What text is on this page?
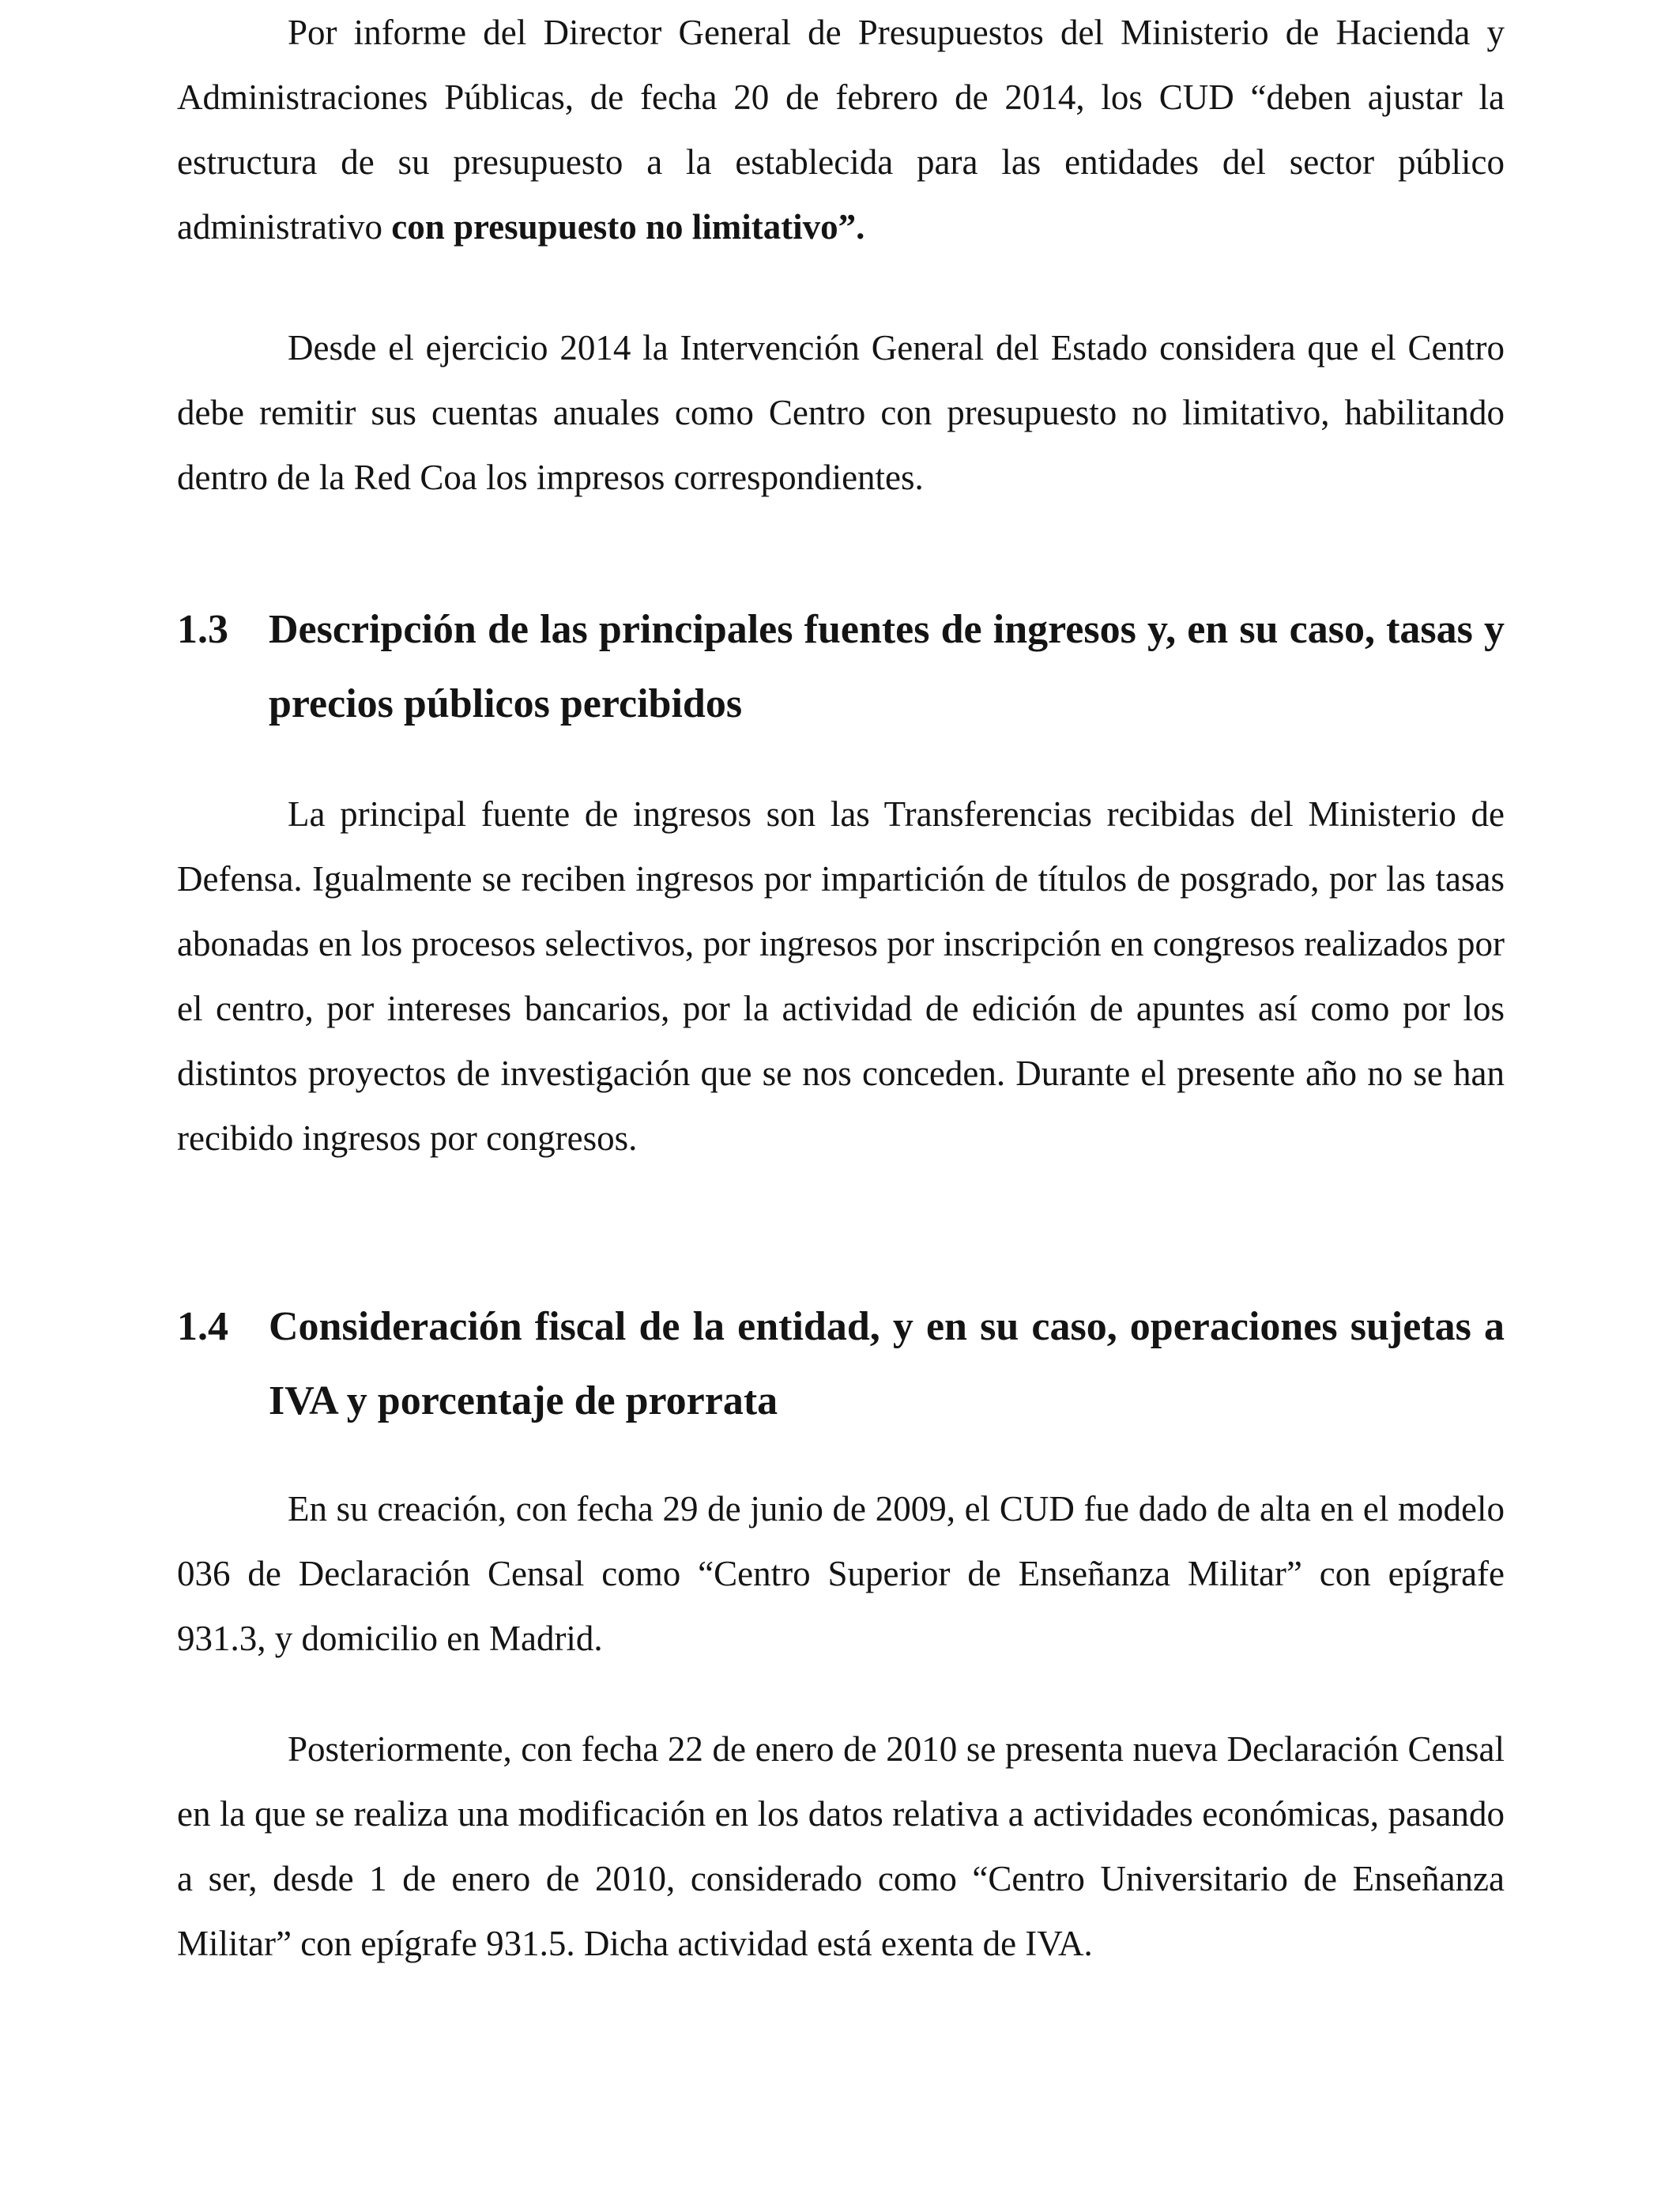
Por informe del Director General de Presupuestos del Ministerio de Hacienda y Administraciones Públicas, de fecha 20 de febrero de 2014, los CUD “deben ajustar la estructura de su presupuesto a la establecida para las entidades del sector público administrativo con presupuesto no limitativo”.

Desde el ejercicio 2014 la Intervención General del Estado considera que el Centro debe remitir sus cuentas anuales como Centro con presupuesto no limitativo, habilitando dentro de la Red Coa los impresos correspondientes.

1.3 Descripción de las principales fuentes de ingresos y, en su caso, tasas y precios públicos percibidos

La principal fuente de ingresos son las Transferencias recibidas del Ministerio de Defensa. Igualmente se reciben ingresos por impartición de títulos de posgrado, por las tasas abonadas en los procesos selectivos, por ingresos por inscripción en congresos realizados por el centro, por intereses bancarios, por la actividad de edición de apuntes así como por los distintos proyectos de investigación que se nos conceden. Durante el presente año no se han recibido ingresos por congresos.

1.4 Consideración fiscal de la entidad, y en su caso, operaciones sujetas a IVA y porcentaje de prorrata

En su creación, con fecha 29 de junio de 2009, el CUD fue dado de alta en el modelo 036 de Declaración Censal como “Centro Superior de Enseñanza Militar” con epígrafe 931.3, y domicilio en Madrid.

Posteriormente, con fecha 22 de enero de 2010 se presenta nueva Declaración Censal en la que se realiza una modificación en los datos relativa a actividades económicas, pasando a ser, desde 1 de enero de 2010, considerado como “Centro Universitario de Enseñanza Militar” con epígrafe 931.5. Dicha actividad está exenta de IVA.
